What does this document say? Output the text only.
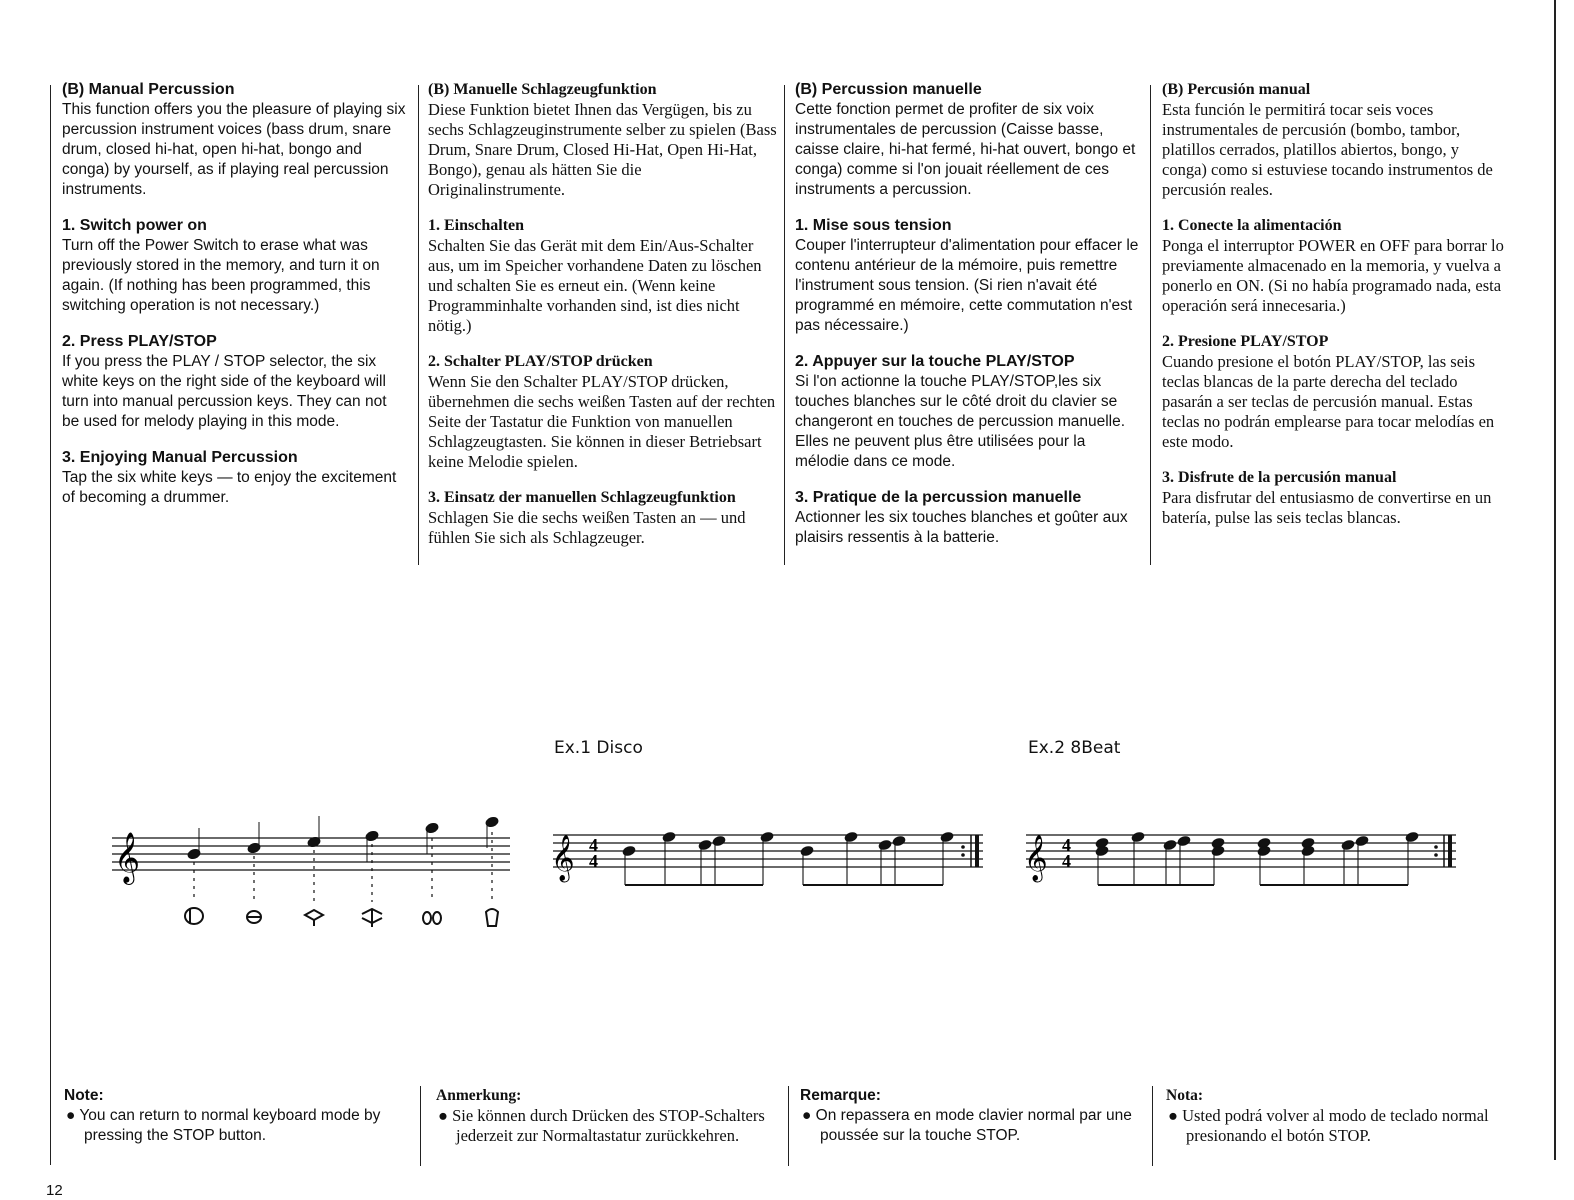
(B) Manual Percussion

This function offers you the pleasure of playing six percussion instrument voices (bass drum, snare drum, closed hi-hat, open hi-hat, bongo and conga) by yourself, as if playing real percussion instruments.

1. Switch power on

Turn off the Power Switch to erase what was previously stored in the memory, and turn it on again. (If nothing has been programmed, this switching operation is not necessary.)

2. Press PLAY/STOP

If you press the PLAY / STOP selector, the six white keys on the right side of the keyboard will turn into manual percussion keys. They can not be used for melody playing in this mode.

3. Enjoying Manual Percussion

Tap the six white keys — to enjoy the excitement of becoming a drummer.

(B) Manuelle Schlagzeugfunktion

Diese Funktion bietet Ihnen das Vergügen, bis zu sechs Schlagzeuginstrumente selber zu spielen (Bass Drum, Snare Drum, Closed Hi-Hat, Open Hi-Hat, Bongo), genau als hätten Sie die Originalinstrumente.

1. Einschalten

Schalten Sie das Gerät mit dem Ein/Aus-Schalter aus, um im Speicher vorhandene Daten zu löschen und schalten Sie es erneut ein. (Wenn keine Programminhalte vorhanden sind, ist dies nicht nötig.)

2. Schalter PLAY/STOP drücken

Wenn Sie den Schalter PLAY/STOP drücken, übernehmen die sechs weißen Tasten auf der rechten Seite der Tastatur die Funktion von manuellen Schlagzeugtasten. Sie können in dieser Betriebsart keine Melodie spielen.

3. Einsatz der manuellen Schlagzeugfunktion

Schlagen Sie die sechs weißen Tasten an — und fühlen Sie sich als Schlagzeuger.

(B) Percussion manuelle

Cette fonction permet de profiter de six voix instrumentales de percussion (Caisse basse, caisse claire, hi-hat fermé, hi-hat ouvert, bongo et conga) comme si l'on jouait réellement de ces instruments a percussion.

1. Mise sous tension

Couper l'interrupteur d'alimentation pour effacer le contenu antérieur de la mémoire, puis remettre l'instrument sous tension. (Si rien n'avait été programmé en mémoire, cette commutation n'est pas nécessaire.)

2. Appuyer sur la touche PLAY/STOP

Si l'on actionne la touche PLAY/STOP,les six touches blanches sur le côté droit du clavier se changeront en touches de percussion manuelle. Elles ne peuvent plus être utilisées pour la mélodie dans ce mode.

3. Pratique de la percussion manuelle

Actionner les six touches blanches et goûter aux plaisirs ressentis à la batterie.

(B) Percusión manual

Esta función le permitirá tocar seis voces instrumentales de percusión (bombo, tambor, platillos cerrados, platillos abiertos, bongo, y conga) como si estuviese tocando instrumentos de percusión reales.

1. Conecte la alimentación

Ponga el interruptor POWER en OFF para borrar lo previamente almacenado en la memoria, y vuelva a ponerlo en ON. (Si no había programado nada, esta operación será innecesaria.)

2. Presione PLAY/STOP

Cuando presione el botón PLAY/STOP, las seis teclas blancas de la parte derecha del teclado pasarán a ser teclas de percusión manual. Estas teclas no podrán emplearse para tocar melodías en este modo.

3. Disfrute de la percusión manual

Para disfrutar del entusiasmo de convertirse en un batería, pulse las seis teclas blancas.

Ex.1 Disco	Ex.2 8Beat
𝄞	𝄞 4
4	𝄞 4
4
Note:

● You can return to normal keyboard mode by pressing the STOP button.

Anmerkung:

● Sie können durch Drücken des STOP-Schalters jederzeit zur Normaltastatur zurückkehren.

Remarque:

● On repassera en mode clavier normal par une poussée sur la touche STOP.

Nota:

● Usted podrá volver al modo de teclado normal presionando el botón STOP.

12
